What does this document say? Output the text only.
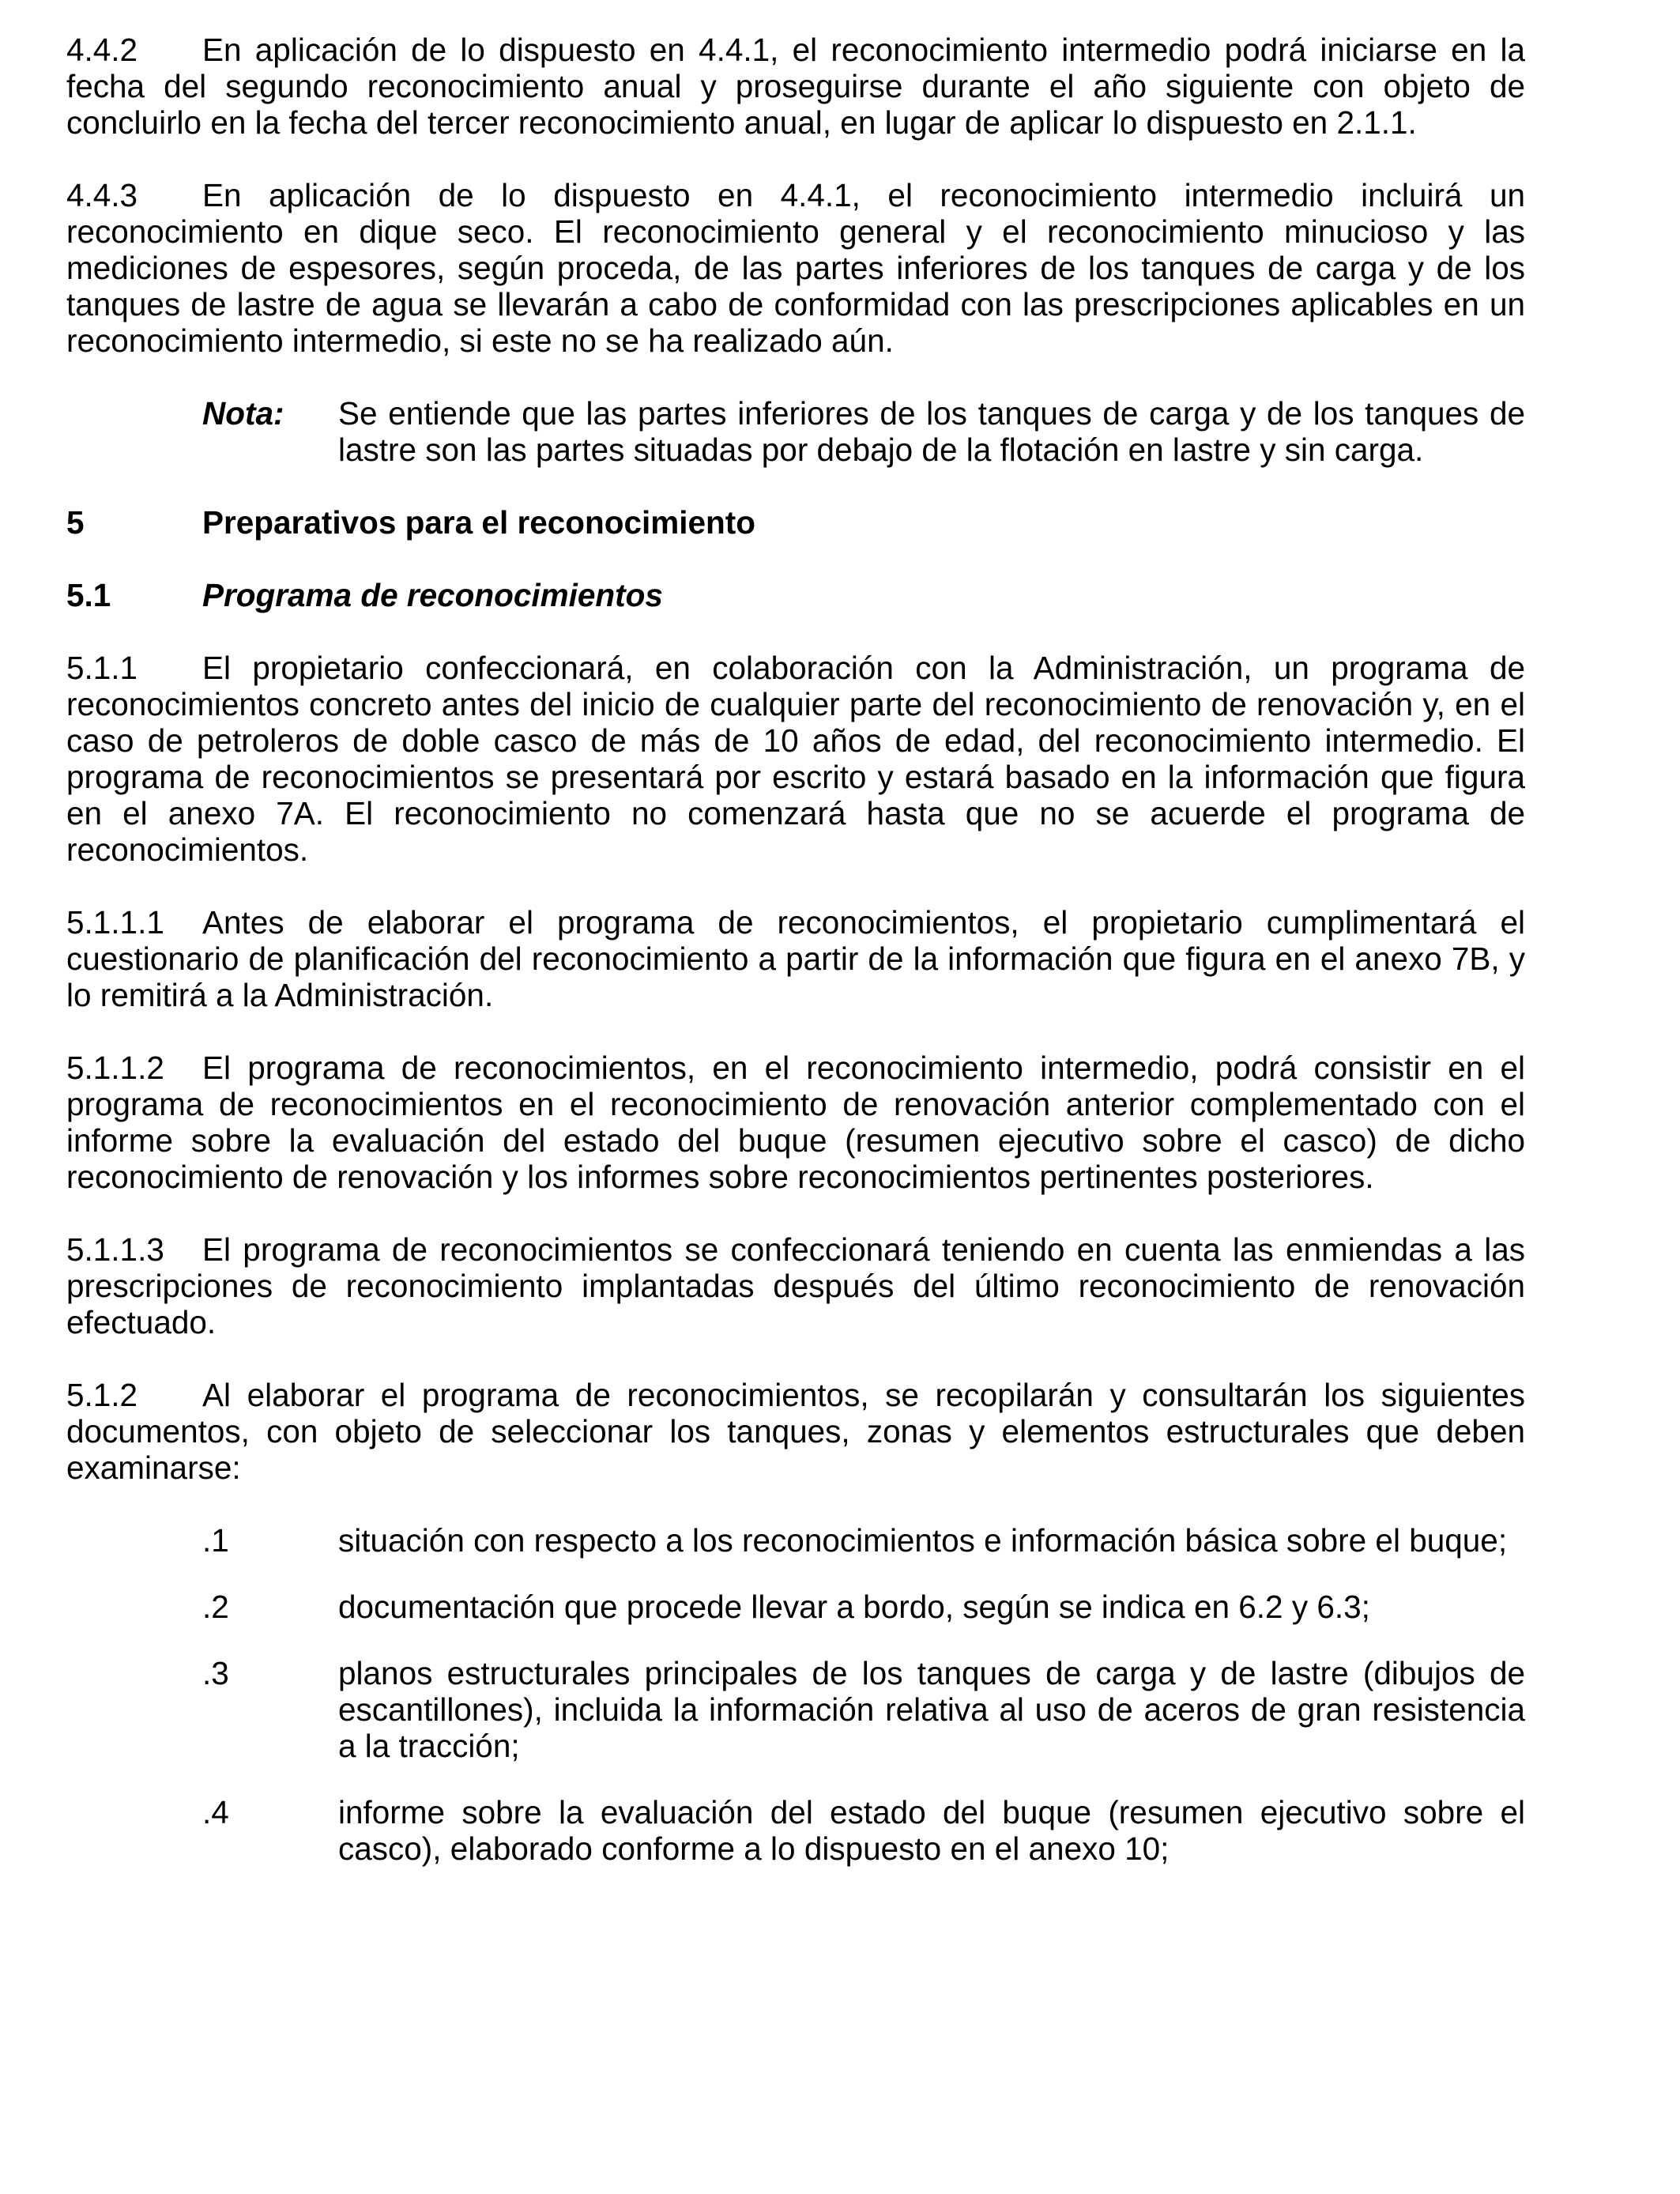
4.4.2 En aplicación de lo dispuesto en 4.4.1, el reconocimiento intermedio podrá iniciarse en la fecha del segundo reconocimiento anual y proseguirse durante el año siguiente con objeto de concluirlo en la fecha del tercer reconocimiento anual, en lugar de aplicar lo dispuesto en 2.1.1.

4.4.3 En aplicación de lo dispuesto en 4.4.1, el reconocimiento intermedio incluirá un reconocimiento en dique seco. El reconocimiento general y el reconocimiento minucioso y las mediciones de espesores, según proceda, de las partes inferiores de los tanques de carga y de los tanques de lastre de agua se llevarán a cabo de conformidad con las prescripciones aplicables en un reconocimiento intermedio, si este no se ha realizado aún.

Nota:	Se entiende que las partes inferiores de los tanques de carga y de los tanques de lastre son las partes situadas por debajo de la flotación en lastre y sin carga.
5	Preparativos para el reconocimiento
5.1	Programa de reconocimientos

5.1.1 El propietario confeccionará, en colaboración con la Administración, un programa de reconocimientos concreto antes del inicio de cualquier parte del reconocimiento de renovación y, en el caso de petroleros de doble casco de más de 10 años de edad, del reconocimiento intermedio. El programa de reconocimientos se presentará por escrito y estará basado en la información que figura en el anexo 7A. El reconocimiento no comenzará hasta que no se acuerde el programa de reconocimientos.

5.1.1.1 Antes de elaborar el programa de reconocimientos, el propietario cumplimentará el cuestionario de planificación del reconocimiento a partir de la información que figura en el anexo 7B, y lo remitirá a la Administración.

5.1.1.2 El programa de reconocimientos, en el reconocimiento intermedio, podrá consistir en el programa de reconocimientos en el reconocimiento de renovación anterior complementado con el informe sobre la evaluación del estado del buque (resumen ejecutivo sobre el casco) de dicho reconocimiento de renovación y los informes sobre reconocimientos pertinentes posteriores.

5.1.1.3 El programa de reconocimientos se confeccionará teniendo en cuenta las enmiendas a las prescripciones de reconocimiento implantadas después del último reconocimiento de renovación efectuado.

5.1.2 Al elaborar el programa de reconocimientos, se recopilarán y consultarán los siguientes documentos, con objeto de seleccionar los tanques, zonas y elementos estructurales que deben examinarse:

.1	situación con respecto a los reconocimientos e información básica sobre el buque;
.2	documentación que procede llevar a bordo, según se indica en 6.2 y 6.3;
.3	planos estructurales principales de los tanques de carga y de lastre (dibujos de escantillones), incluida la información relativa al uso de aceros de gran resistencia a la tracción;
.4	informe sobre la evaluación del estado del buque (resumen ejecutivo sobre el casco), elaborado conforme a lo dispuesto en el anexo 10;
